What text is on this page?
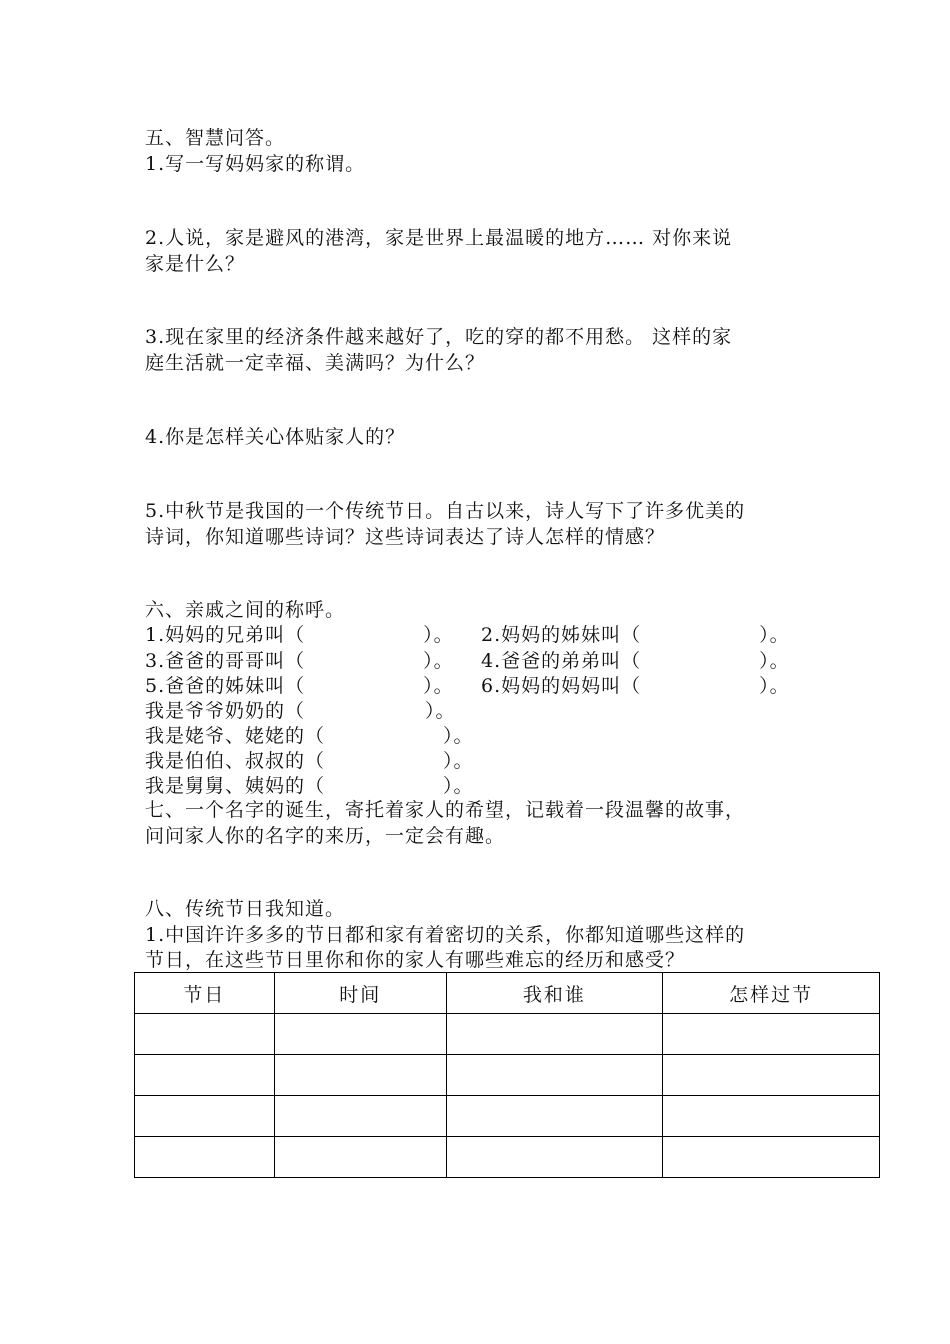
五、智慧问答。
1.写一写妈妈家的称谓。
2.人说，家是避风的港湾，家是世界上最温暖的地方…… 对你来说
家是什么？
3.现在家里的经济条件越来越好了，吃的穿的都不用愁。 这样的家
庭生活就一定幸福、美满吗？为什么？
4.你是怎样关心体贴家人的？
5.中秋节是我国的一个传统节日。自古以来，诗人写下了许多优美的
诗词，你知道哪些诗词？这些诗词表达了诗人怎样的情感？
六、亲戚之间的称呼。
1.妈妈的兄弟叫（	）。 2.妈妈的姊妹叫（	）。
3.爸爸的哥哥叫（	）。 4.爸爸的弟弟叫（	）。
5.爸爸的姊妹叫（	）。 6.妈妈的妈妈叫（	）。
我是爷爷奶奶的（	）。
我是姥爷、姥姥的（	）。
我是伯伯、叔叔的（	）。
我是舅舅、姨妈的（	）。
七、一个名字的诞生，寄托着家人的希望，记载着一段温馨的故事，
问问家人你的名字的来历，一定会有趣。
八、传统节日我知道。
1.中国许许多多的节日都和家有着密切的关系，你都知道哪些这样的
节日，在这些节日里你和你的家人有哪些难忘的经历和感受？
节日	时间	我和谁	怎样过节
